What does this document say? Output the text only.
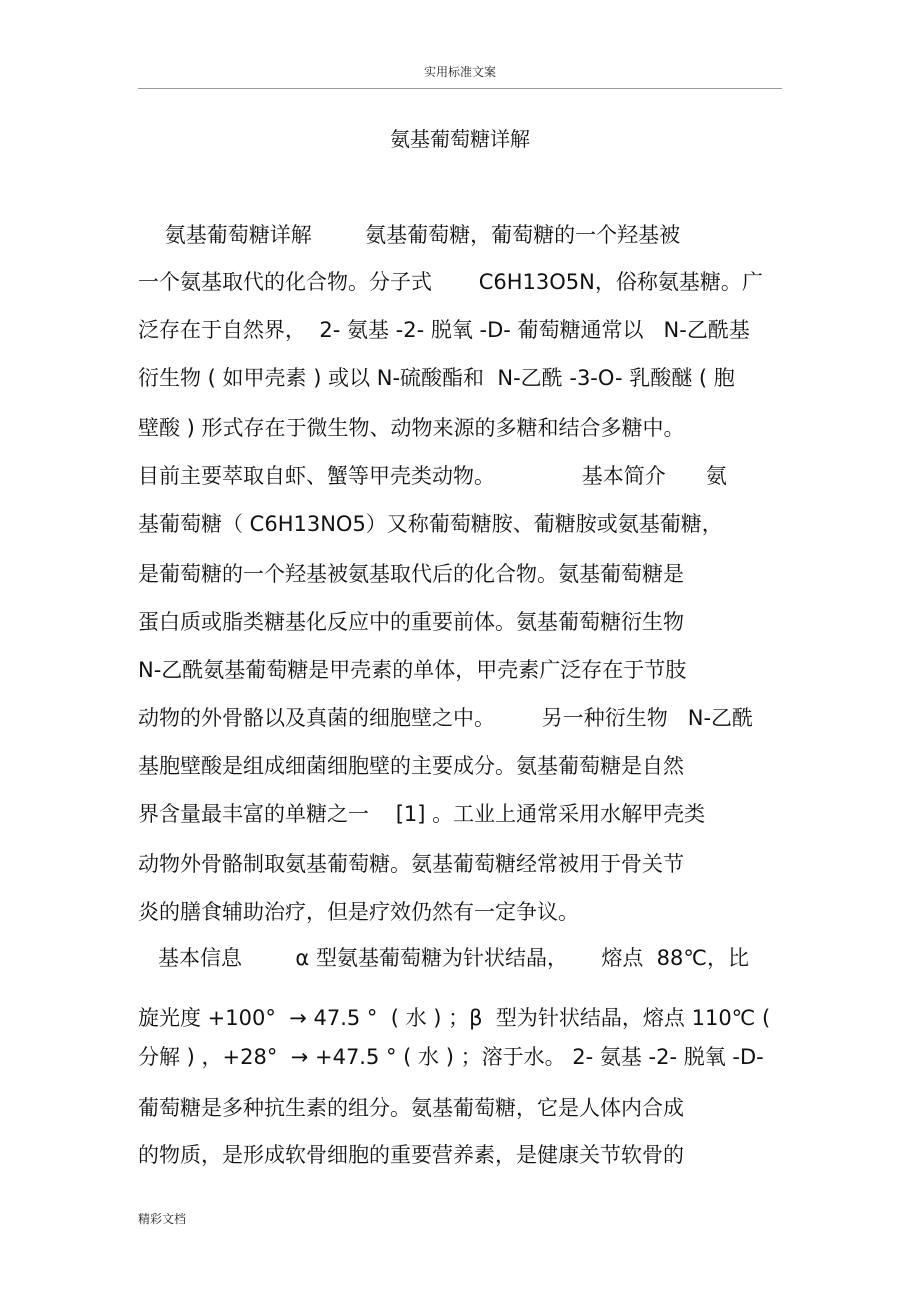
实用标准文案
氨基葡萄糖详解
氨基葡萄糖详解        氨基葡萄糖，葡萄糖的一个羟基被
一个氨基取代的化合物。分子式       C6H13O5N，俗称氨基糖。广
泛存在于自然界，  2- 氨基 -2- 脱氧 -D- 葡萄糖通常以   N-乙酰基
衍生物 ( 如甲壳素 ) 或以 N-硫酸酯和  N-乙酰 -3-O- 乳酸醚 ( 胞
壁酸 ) 形式存在于微生物、动物来源的多糖和结合多糖中。
目前主要萃取自虾、蟹等甲壳类动物。             基本简介      氨
基葡萄糖（ C6H13NO5）又称葡萄糖胺、葡糖胺或氨基葡糖，
是葡萄糖的一个羟基被氨基取代后的化合物。氨基葡萄糖是
蛋白质或脂类糖基化反应中的重要前体。氨基葡萄糖衍生物
N-乙酰氨基葡萄糖是甲壳素的单体，甲壳素广泛存在于节肢
动物的外骨骼以及真菌的细胞壁之中。       另一种衍生物   N-乙酰
基胞壁酸是组成细菌细胞壁的主要成分。氨基葡萄糖是自然
界含量最丰富的单糖之一    [1] 。工业上通常采用水解甲壳类
动物外骨骼制取氨基葡萄糖。氨基葡萄糖经常被用于骨关节
炎的膳食辅助治疗，但是疗效仍然有一定争议。
基本信息        α 型氨基葡萄糖为针状结晶，     熔点  88℃，比
旋光度 +100°  → 47.5 °  ( 水 ) ；β  型为针状结晶，熔点 110℃ (
分解 ) ，+28°  → +47.5 ° ( 水 ) ；溶于水。 2- 氨基 -2- 脱氧 -D-
葡萄糖是多种抗生素的组分。氨基葡萄糖，它是人体内合成
的物质，是形成软骨细胞的重要营养素，是健康关节软骨的
精彩文档
